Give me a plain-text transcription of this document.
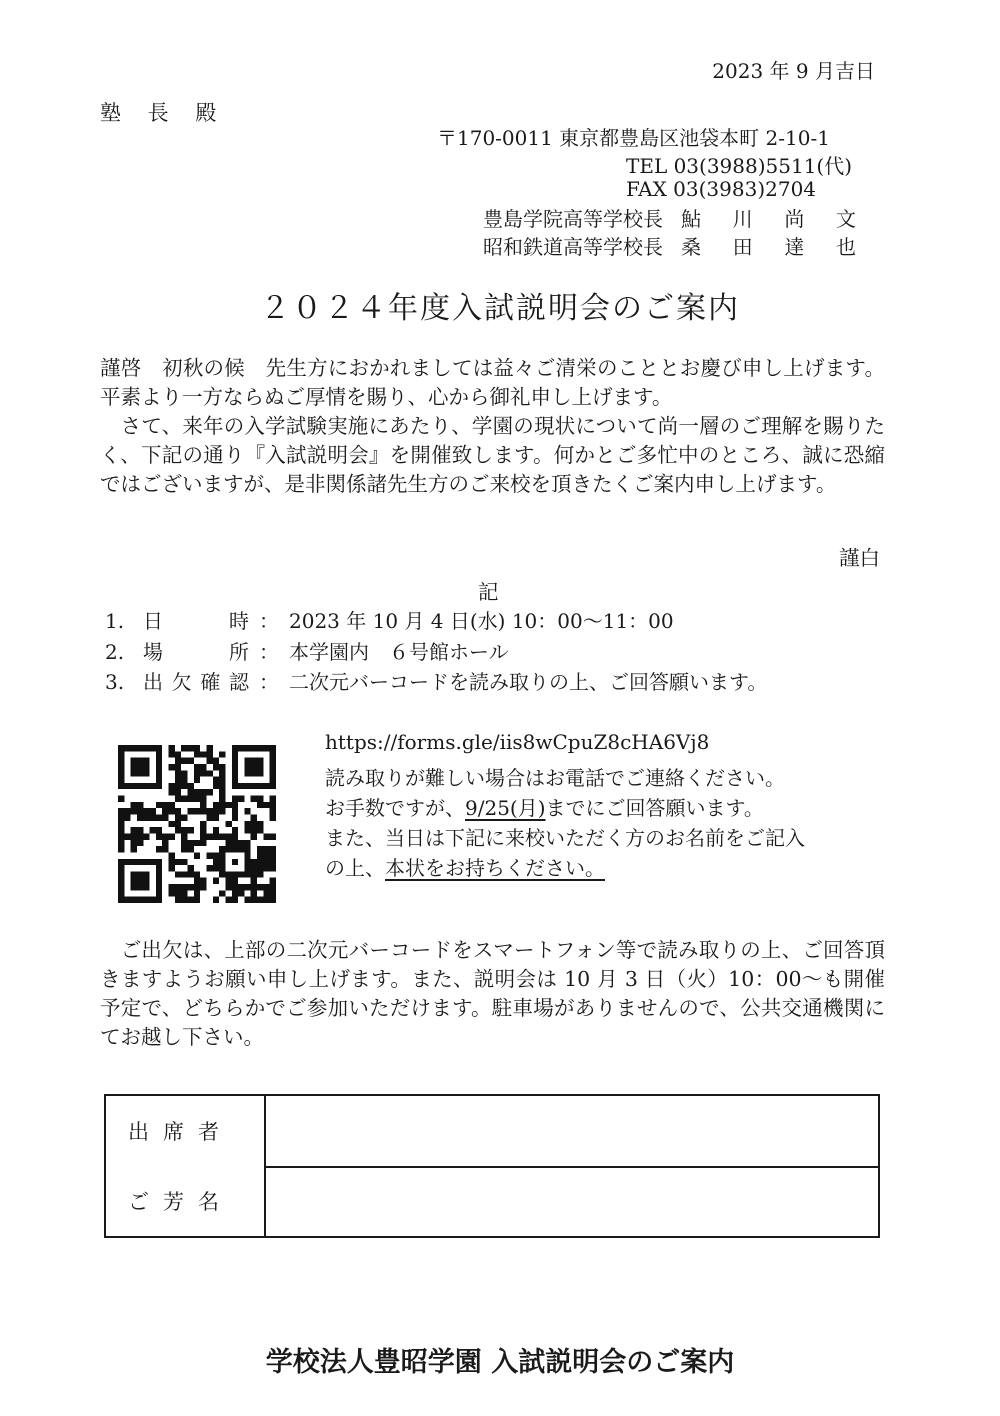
2023 年 9 月吉日
塾 長 殿
〒170-0011 東京都豊島区池袋本町 2-10-1
TEL 03(3988)5511(代)
FAX 03(3983)2704
豊島学院高等学校長 鮎 川 尚 文
昭和鉄道高等学校長 桑 田 達 也
２０２４年度入試説明会のご案内

謹啓　初秋の候　先生方におかれましては益々ご清栄のこととお慶び申し上げます。平素より一方ならぬご厚情を賜り、心から御礼申し上げます。

　さて、来年の入学試験実施にあたり、学園の現状について尚一層のご理解を賜りたく、下記の通り『入試説明会』を開催致します。何かとご多忙中のところ、誠に恐縮ではございますが、是非関係諸先生方のご来校を頂きたくご案内申し上げます。

謹白
記
1. 日時 ： 2023 年 10 月 4 日(水) 10：00～11：00
2. 場所 ： 本学園内　６号館ホール
3. 出欠確認 ： 二次元バーコードを読み取りの上、ご回答願います。
https://forms.gle/iis8wCpuZ8cHA6Vj8
読み取りが難しい場合はお電話でご連絡ください。
お手数ですが、9/25(月)までにご回答願います。
また、当日は下記に来校いただく方のお名前をご記入
の上、本状をお持ちください。
　ご出欠は、上部の二次元バーコードをスマートフォン等で読み取りの上、ご回答頂きますようお願い申し上げます。また、説明会は 10 月 3 日（火）10：00～も開催予定で、どちらかでご参加いただけます。駐車場がありませんので、公共交通機関にてお越し下さい。
出席者
ご芳名
学校法人豊昭学園 入試説明会のご案内
